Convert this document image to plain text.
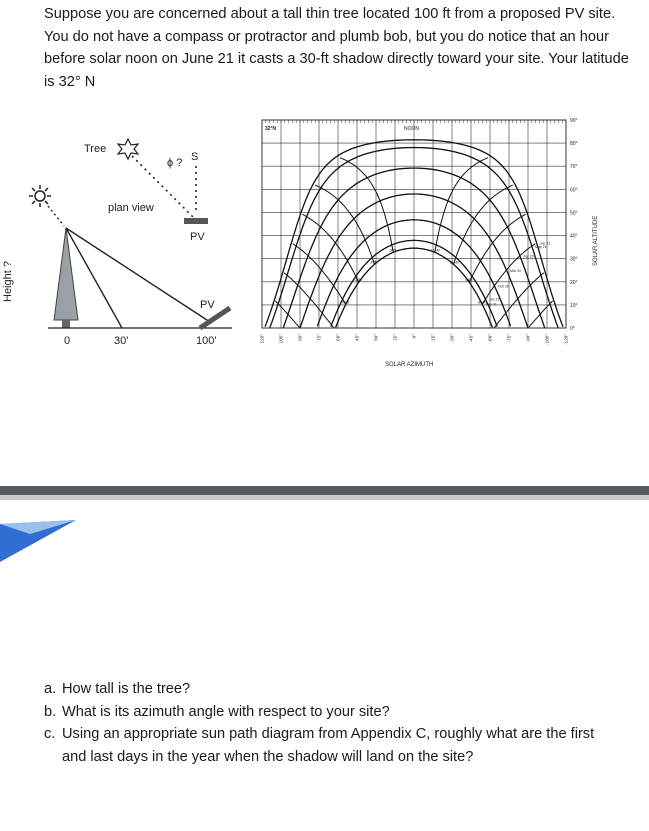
Suppose you are concerned about a tall thin tree located 100 ft from a proposed PV site. You do not have a compass or protractor and plumb bob, but you do notice that an hour before solar noon on June 21 it casts a 30-ft shadow directly toward your site. Your latitude is 32° N
Tree
S
ϕ ?
plan view
PV
Height ?
PV
0	30'	100'
Jun 21
May 21
Apr 20
Mar 20
Feb 20
Jan 21
Dec 21
8AM
9AM
10AM
11AM
1PM
2PM
3PM
4PM
90°
80°
70°
60°
50°
40°
30°
20°
10°
0°
120°	105°	90°	75°	60°	45°	30°	15°	0°	-15°	-30°	-45°	-60°	-75°	-90°	-105°	-120°
32°N	NOON
SOLAR AZIMUTH
SOLAR ALTITUDE
a. How tall is the tree?
b. What is its azimuth angle with respect to your site?
c. Using an appropriate sun path diagram from Appendix C, roughly what are the first and last days in the year when the shadow will land on the site?
